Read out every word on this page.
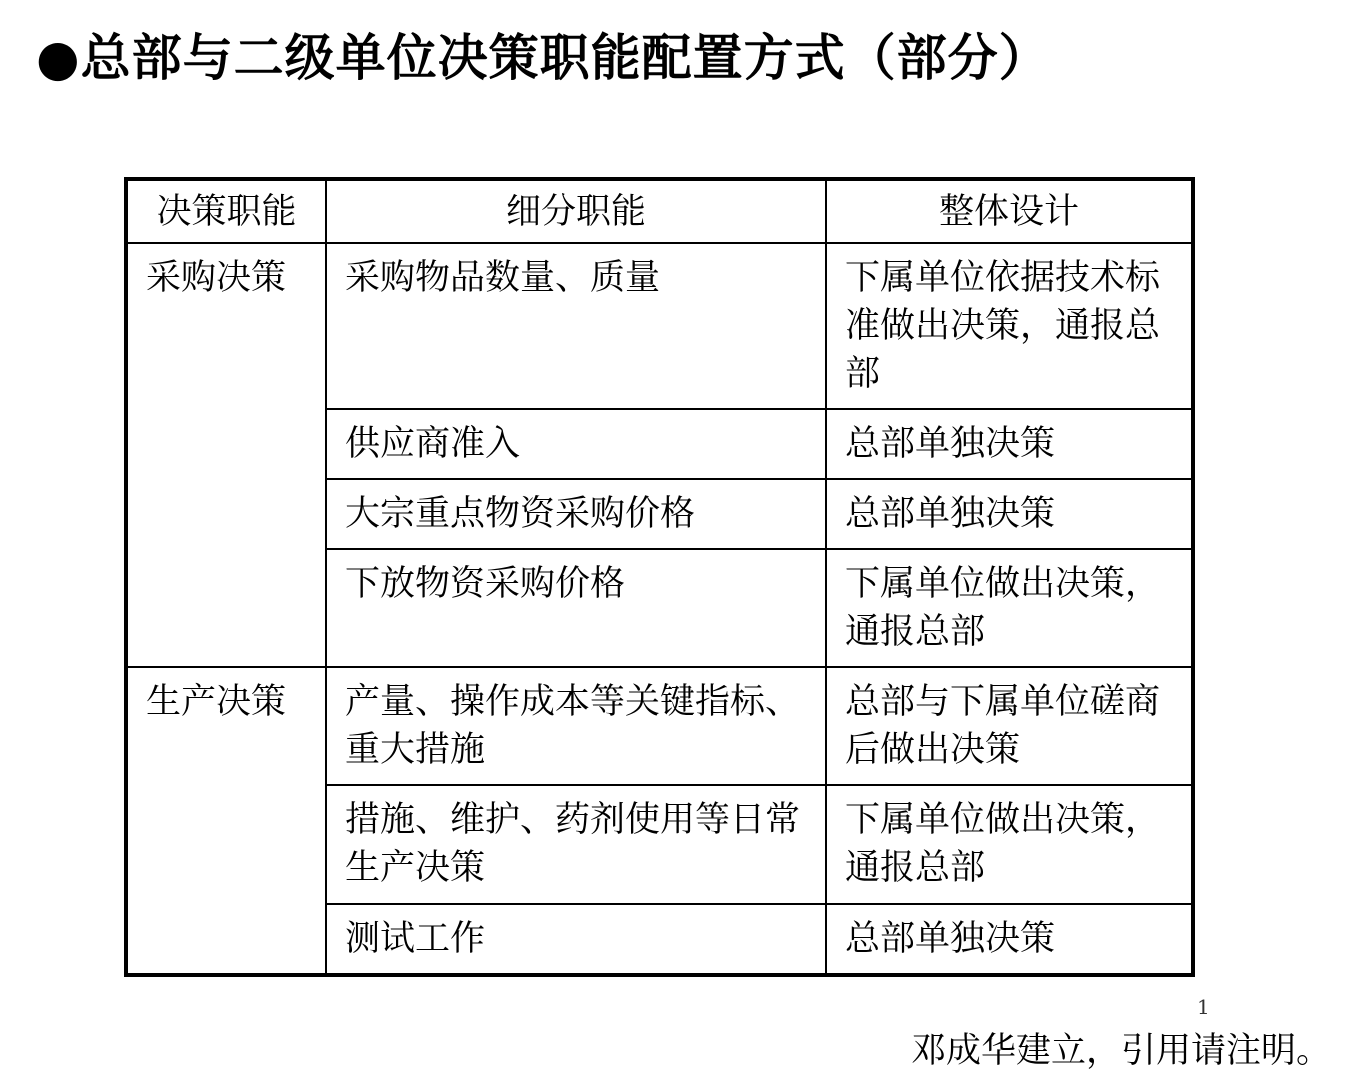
●总部与二级单位决策职能配置方式（部分）
决策职能	细分职能	整体设计
采购决策	采购物品数量、质量	下属单位依据技术标准做出决策，通报总部
	供应商准入	总部单独决策
	大宗重点物资采购价格	总部单独决策
	下放物资采购价格	下属单位做出决策，通报总部
生产决策	产量、操作成本等关键指标、重大措施	总部与下属单位磋商后做出决策
	措施、维护、药剂使用等日常生产决策	下属单位做出决策，通报总部
	测试工作	总部单独决策
1
邓成华建立，引用请注明。
